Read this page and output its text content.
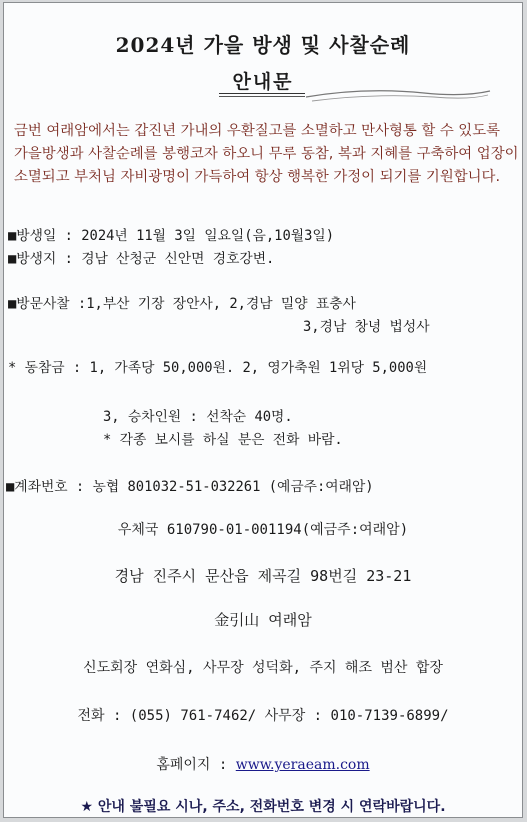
2024년 가을 방생 및 사찰순례
안내문
금번 여래암에서는 갑진년 가내의 우환질고를 소멸하고 만사형통 할 수 있도록 가을방생과 사찰순례를 봉행코자 하오니 무루 동참, 복과 지혜를 구축하여 업장이 소멸되고 부처님 자비광명이 가득하여 항상 행복한 가정이 되기를 기원합니다.
■방생일 : 2024년 11월 3일 일요일(음,10월3일)
■방생지 : 경남 산청군 신안면 경호강변.
■방문사찰 :1,부산 기장 장안사, 2,경남 밀양 표충사
3,경남 창녕 법성사
* 동참금 : 1, 가족당 50,000원. 2, 영가축원 1위당 5,000원
3, 승차인원 : 선착순 40명.
* 각종 보시를 하실 분은 전화 바람.
■계좌번호 : 농협 801032-51-032261 (예금주:여래암)
우체국 610790-01-001194(예금주:여래암)
경남 진주시 문산읍 제곡길 98번길 23-21
金引山 여래암
신도회장 연화심, 사무장 성덕화, 주지 해조 범산 합장
전화 : (055) 761-7462/ 사무장 : 010-7139-6899/
홈페이지 : www.yeraeam.com
★ 안내 불필요 시나, 주소, 전화번호 변경 시 연락바랍니다.
